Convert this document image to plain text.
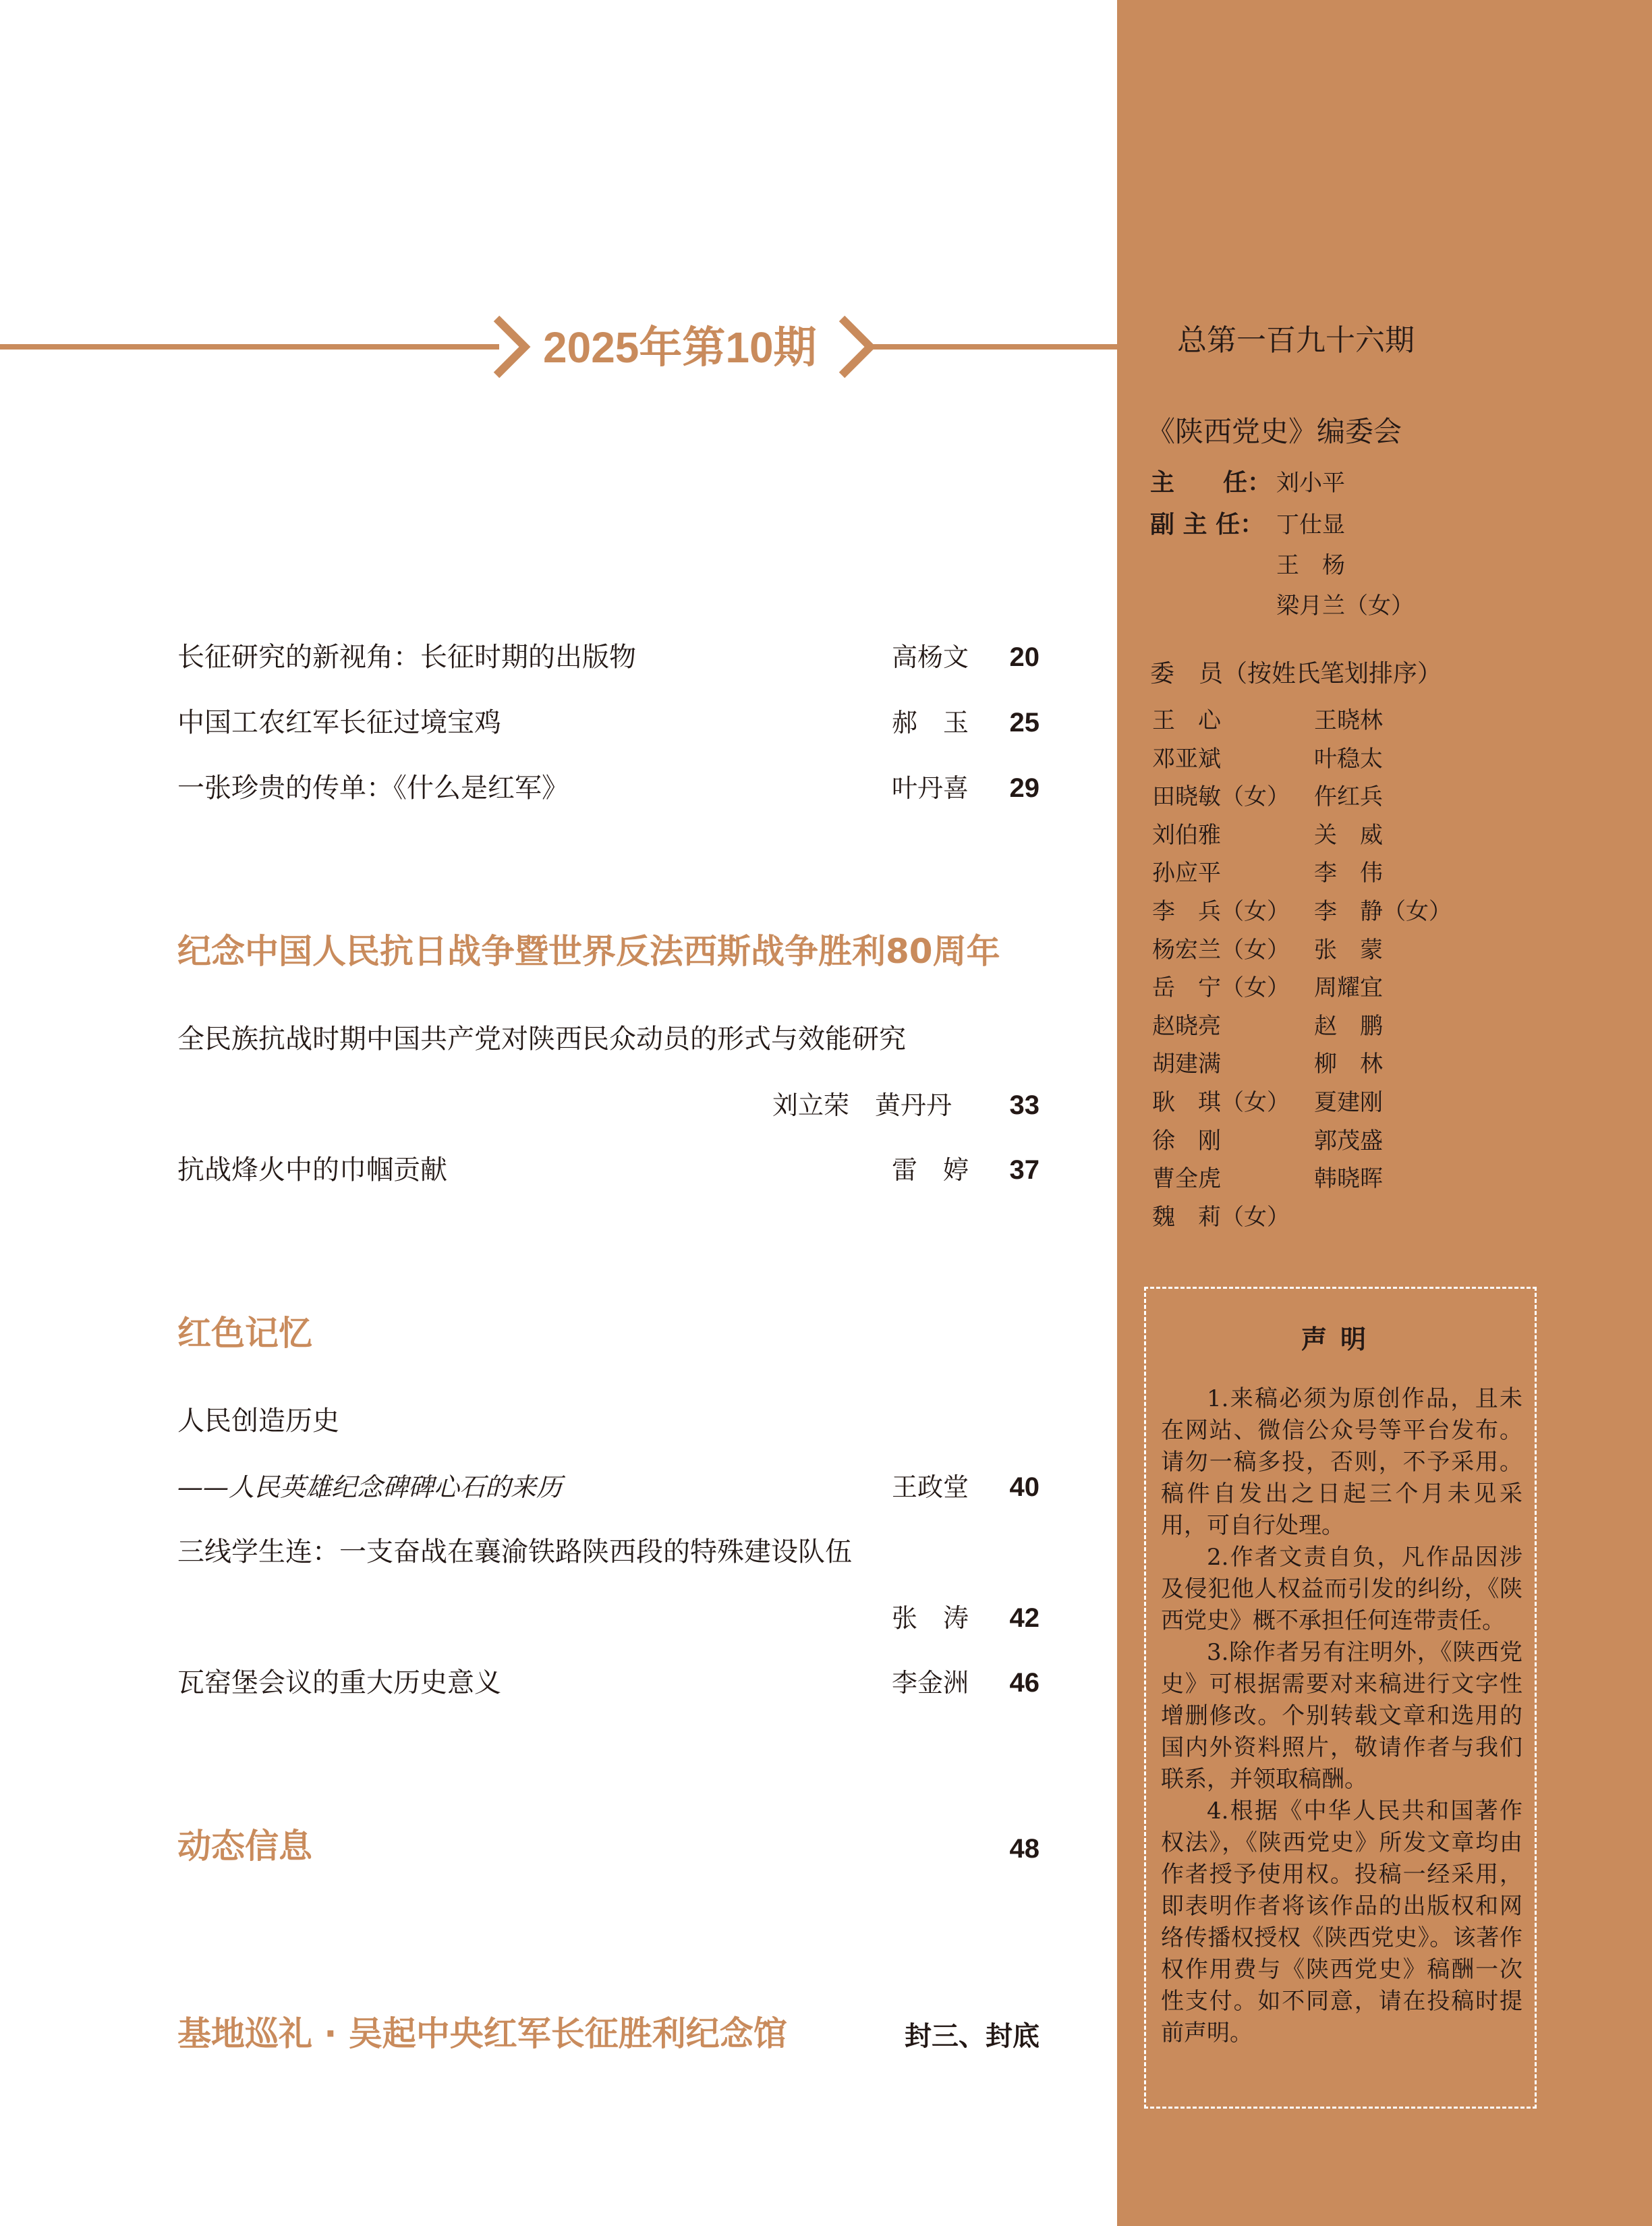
2025年第10期
长征研究的新视角：长征时期的出版物	高杨文 20
中国工农红军长征过境宝鸡	郝　玉 25
一张珍贵的传单：《什么是红军》	叶丹喜 29
纪念中国人民抗日战争暨世界反法西斯战争胜利80周年
全民族抗战时期中国共产党对陕西民众动员的形式与效能研究
刘立荣　黄丹丹 33
抗战烽火中的巾帼贡献	雷　婷 37
红色记忆
人民创造历史
——人民英雄纪念碑碑心石的来历	王政堂 40
三线学生连：一支奋战在襄渝铁路陕西段的特殊建设队伍
张　涛 42
瓦窑堡会议的重大历史意义	李金洲 46
动态信息	48
基地巡礼 · 吴起中央红军长征胜利纪念馆	封三、封底
总第一百九十六期
《陕西党史》编委会
主　　任： 刘小平
副 主 任： 丁仕显
王　杨
梁月兰（女）
委　员（按姓氏笔划排序）
王　心	王晓林
邓亚斌	叶稳太
田晓敏（女）	仵红兵
刘伯雅	关　威
孙应平	李　伟
李　兵（女）	李　静（女）
杨宏兰（女）	张　蒙
岳　宁（女）	周耀宜
赵晓亮	赵　鹏
胡建满	柳　林
耿　琪（女）	夏建刚
徐　刚	郭茂盛
曹全虎	韩晓晖
魏　莉（女）
声明

1.来稿必须为原创作品，且未在网站、微信公众号等平台发布。请勿一稿多投，否则，不予采用。稿件自发出之日起三个月未见采用，可自行处理。

2.作者文责自负，凡作品因涉及侵犯他人权益而引发的纠纷，《陕西党史》概不承担任何连带责任。

3.除作者另有注明外，《陕西党史》可根据需要对来稿进行文字性增删修改。个别转载文章和选用的国内外资料照片，敬请作者与我们联系，并领取稿酬。

4.根据《中华人民共和国著作权法》，《陕西党史》所发文章均由作者授予使用权。投稿一经采用，即表明作者将该作品的出版权和网络传播权授权《陕西党史》。该著作权作用费与《陕西党史》稿酬一次性支付。如不同意，请在投稿时提前声明。
